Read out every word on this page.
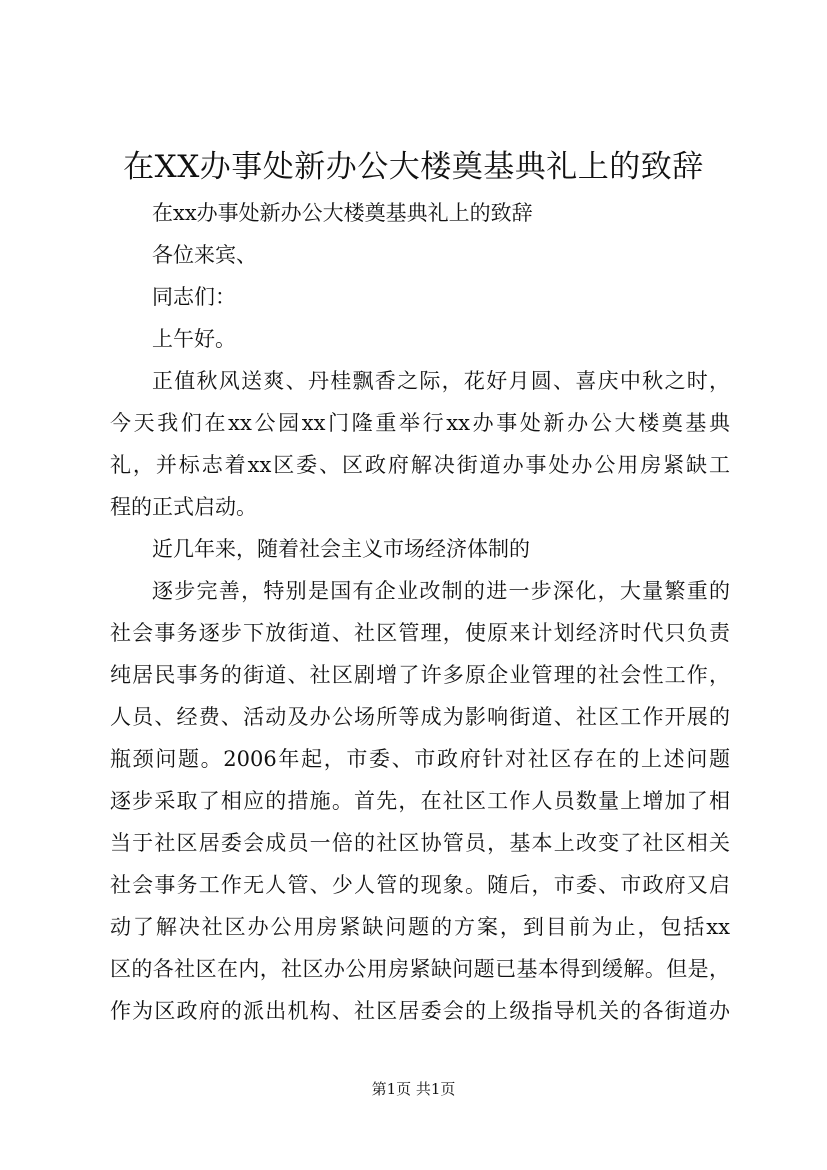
在XX办事处新办公大楼奠基典礼上的致辞
在xx办事处新办公大楼奠基典礼上的致辞
各位来宾、
同志们：
上午好。
正值秋风送爽、丹桂飘香之际，花好月圆、喜庆中秋之时，
今天我们在xx公园xx门隆重举行xx办事处新办公大楼奠基典
礼，并标志着xx区委、区政府解决街道办事处办公用房紧缺工
程的正式启动。
近几年来，随着社会主义市场经济体制的
逐步完善，特别是国有企业改制的进一步深化，大量繁重的
社会事务逐步下放街道、社区管理，使原来计划经济时代只负责
纯居民事务的街道、社区剧增了许多原企业管理的社会性工作，
人员、经费、活动及办公场所等成为影响街道、社区工作开展的
瓶颈问题。2006年起，市委、市政府针对社区存在的上述问题
逐步采取了相应的措施。首先，在社区工作人员数量上增加了相
当于社区居委会成员一倍的社区协管员，基本上改变了社区相关
社会事务工作无人管、少人管的现象。随后，市委、市政府又启
动了解决社区办公用房紧缺问题的方案，到目前为止，包括xx
区的各社区在内，社区办公用房紧缺问题已基本得到缓解。但是，
作为区政府的派出机构、社区居委会的上级指导机关的各街道办
第1页 共1页
